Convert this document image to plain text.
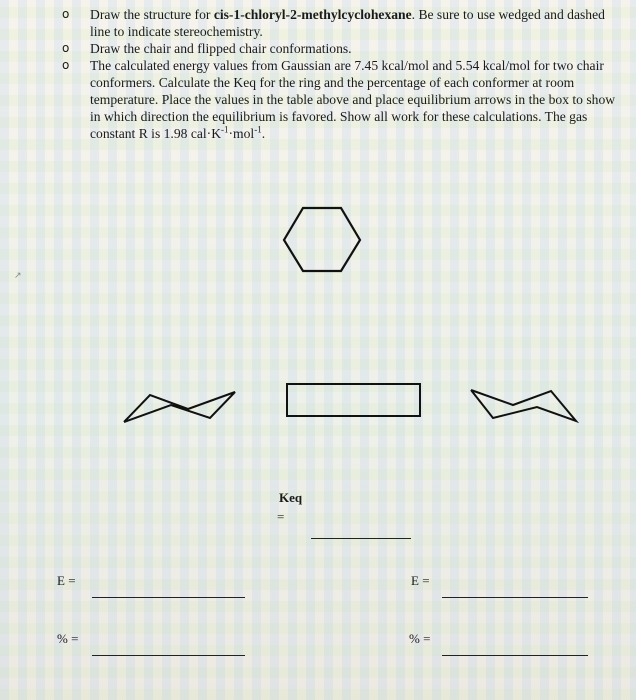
o Draw the structure for cis-1-chloryl-2-methylcyclohexane. Be sure to use wedged and dashed line to indicate stereochemistry.
o Draw the chair and flipped chair conformations.
o The calculated energy values from Gaussian are 7.45 kcal/mol and 5.54 kcal/mol for two chair conformers. Calculate the Keq for the ring and the percentage of each conformer at room temperature. Place the values in the table above and place equilibrium arrows in the box to show in which direction the equilibrium is favored. Show all work for these calculations. The gas constant R is 1.98 $cal\cdot K^{-1}\cdot mol^{-1}$.
↗
Keq
=
E =	E =
% =	% =
